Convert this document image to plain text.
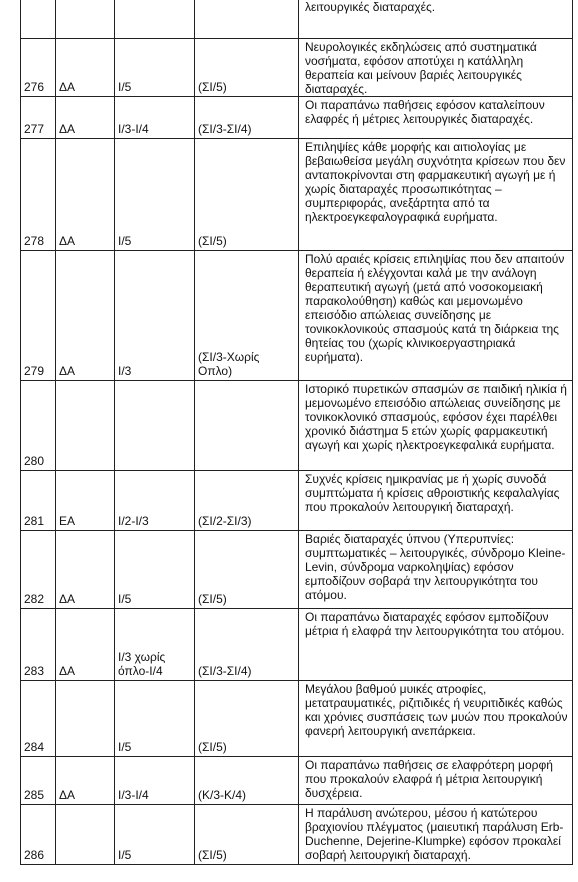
				λειτουργικές διαταραχές.
276	ΔΑ	Ι/5	(ΣΙ/5)	Νευρολογικές εκδηλώσεις από συστηματικά νοσήματα, εφόσον αποτύχει η κατάλληλη θεραπεία και μείνουν βαριές λειτουργικές διαταραχές.
277	ΔΑ	Ι/3-Ι/4	(ΣΙ/3-ΣΙ/4)	Οι παραπάνω παθήσεις εφόσον καταλείπουν ελαφρές ή μέτριες λειτουργικές διαταραχές.
278	ΔΑ	Ι/5	(ΣΙ/5)	Επιληψίες κάθε μορφής και αιτιολογίας με βεβαιωθείσα μεγάλη συχνότητα κρίσεων που δεν ανταποκρίνονται στη φαρμακευτική αγωγή με ή χωρίς διαταραχές προσωπικότητας – συμπεριφοράς, ανεξάρτητα από τα ηλεκτροεγκεφαλογραφικά ευρήματα.
279	ΔΑ	Ι/3	(ΣΙ/3-Χωρίς Οπλο)	Πολύ αραιές κρίσεις επιληψίας που δεν απαιτούν θεραπεία ή ελέγχονται καλά με την ανάλογη θεραπευτική αγωγή (μετά από νοσοκομειακή παρακολούθηση) καθώς και μεμονωμένο επεισόδιο απώλειας συνείδησης με τονικοκλονικούς σπασμούς κατά τη διάρκεια της θητείας του (χωρίς κλινικοεργαστηριακά ευρήματα).
280				Ιστορικό πυρετικών σπασμών σε παιδική ηλικία ή μεμονωμένο επεισόδιο απώλειας συνείδησης με τονικοκλονικό σπασμούς, εφόσον έχει παρέλθει χρονικό διάστημα 5 ετών χωρίς φαρμακευτική αγωγή και χωρίς ηλεκτροεγκεφαλικά ευρήματα.
281	ΕΑ	Ι/2-Ι/3	(ΣΙ/2-ΣΙ/3)	Συχνές κρίσεις ημικρανίας με ή χωρίς συνοδά συμπτώματα ή κρίσεις αθροιστικής κεφαλαλγίας που προκαλούν λειτουργική διαταραχή.
282	ΔΑ	Ι/5	(ΣΙ/5)	Βαριές διαταραχές ύπνου (Υπερυπνίες: συμπτωματικές – λειτουργικές, σύνδρομο Kleine-Levin, σύνδρομα ναρκοληψίας) εφόσον εμποδίζουν σοβαρά την λειτουργικότητα του ατόμου.
283	ΔΑ	Ι/3 χωρίς όπλο-Ι/4	(ΣΙ/3-ΣΙ/4)	Οι παραπάνω διαταραχές εφόσον εμποδίζουν μέτρια ή ελαφρά την λειτουργικότητα του ατόμου.
284		Ι/5	(ΣΙ/5)	Μεγάλου βαθμού μυικές ατροφίες, μετατραυματικές, ριζιτιδικές ή νευριτιδικές καθώς και χρόνιες συσπάσεις των μυών που προκαλούν φανερή λειτουργική ανεπάρκεια.
285	ΔΑ	Ι/3-Ι/4	(Κ/3-Κ/4)	Οι παραπάνω παθήσεις σε ελαφρότερη μορφή που προκαλούν ελαφρά ή μέτρια λειτουργική δυσχέρεια.
286		Ι/5	(ΣΙ/5)	Η παράλυση ανώτερου, μέσου ή κατώτερου βραχιονίου πλέγματος (μαιευτική παράλυση Erb-Duchenne, Dejerine-Klumpke) εφόσον προκαλεί σοβαρή λειτουργική διαταραχή.
